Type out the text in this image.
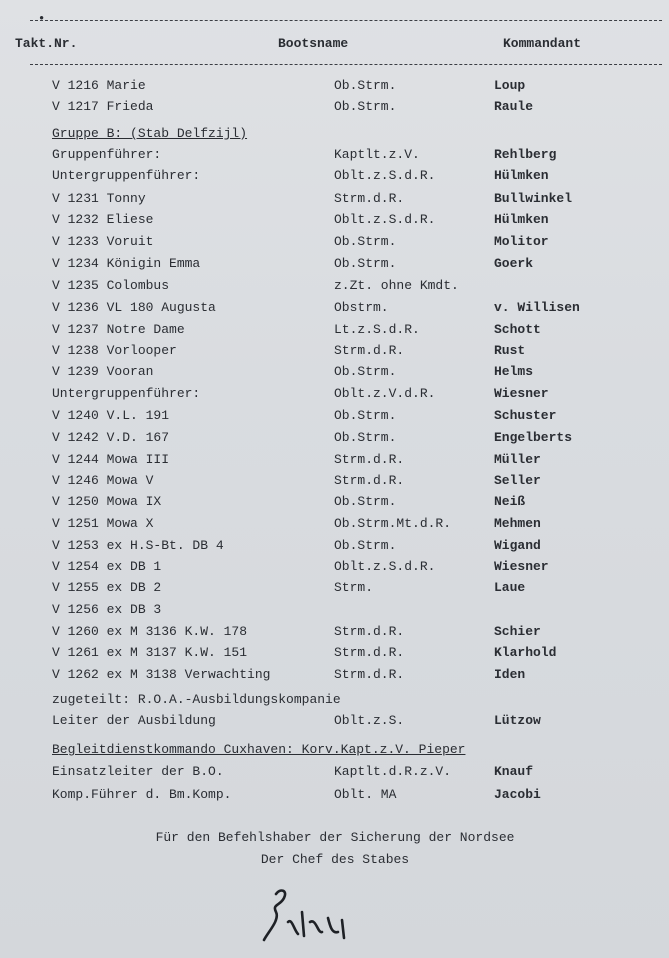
•
Takt.Nr.	Bootsname	Kommandant
V 1216 Marie	Ob.Strm.	Loup
V 1217 Frieda	Ob.Strm.	Raule
Gruppe B: (Stab Delfzijl)
Gruppenführer:	Kaptlt.z.V.	Rehlberg
Untergruppenführer:	Oblt.z.S.d.R.	Hülmken
V 1231 Tonny	Strm.d.R.	Bullwinkel
V 1232 Eliese	Oblt.z.S.d.R.	Hülmken
V 1233 Voruit	Ob.Strm.	Molitor
V 1234 Königin Emma	Ob.Strm.	Goerk
V 1235 Colombus	z.Zt. ohne Kmdt.
V 1236 VL 180 Augusta	Obstrm.	v. Willisen
V 1237 Notre Dame	Lt.z.S.d.R.	Schott
V 1238 Vorlooper	Strm.d.R.	Rust
V 1239 Vooran	Ob.Strm.	Helms
Untergruppenführer:	Oblt.z.V.d.R.	Wiesner
V 1240 V.L. 191	Ob.Strm.	Schuster
V 1242 V.D. 167	Ob.Strm.	Engelberts
V 1244 Mowa III	Strm.d.R.	Müller
V 1246 Mowa V	Strm.d.R.	Seller
V 1250 Mowa IX	Ob.Strm.	Neiß
V 1251 Mowa X	Ob.Strm.Mt.d.R.	Mehmen
V 1253 ex H.S-Bt. DB 4	Ob.Strm.	Wigand
V 1254 ex DB 1	Oblt.z.S.d.R.	Wiesner
V 1255 ex DB 2	Strm.	Laue
V 1256 ex DB 3
V 1260 ex M 3136 K.W. 178	Strm.d.R.	Schier
V 1261 ex M 3137 K.W. 151	Strm.d.R.	Klarhold
V 1262 ex M 3138 Verwachting	Strm.d.R.	Iden
zugeteilt: R.O.A.-Ausbildungskompanie
Leiter der Ausbildung	Oblt.z.S.	Lützow
Begleitdienstkommando Cuxhaven: Korv.Kapt.z.V. Pieper
Einsatzleiter der B.O.	Kaptlt.d.R.z.V.	Knauf
Komp.Führer d. Bm.Komp.	Oblt. MA	Jacobi
Für den Befehlshaber der Sicherung der Nordsee
Der Chef des Stabes
